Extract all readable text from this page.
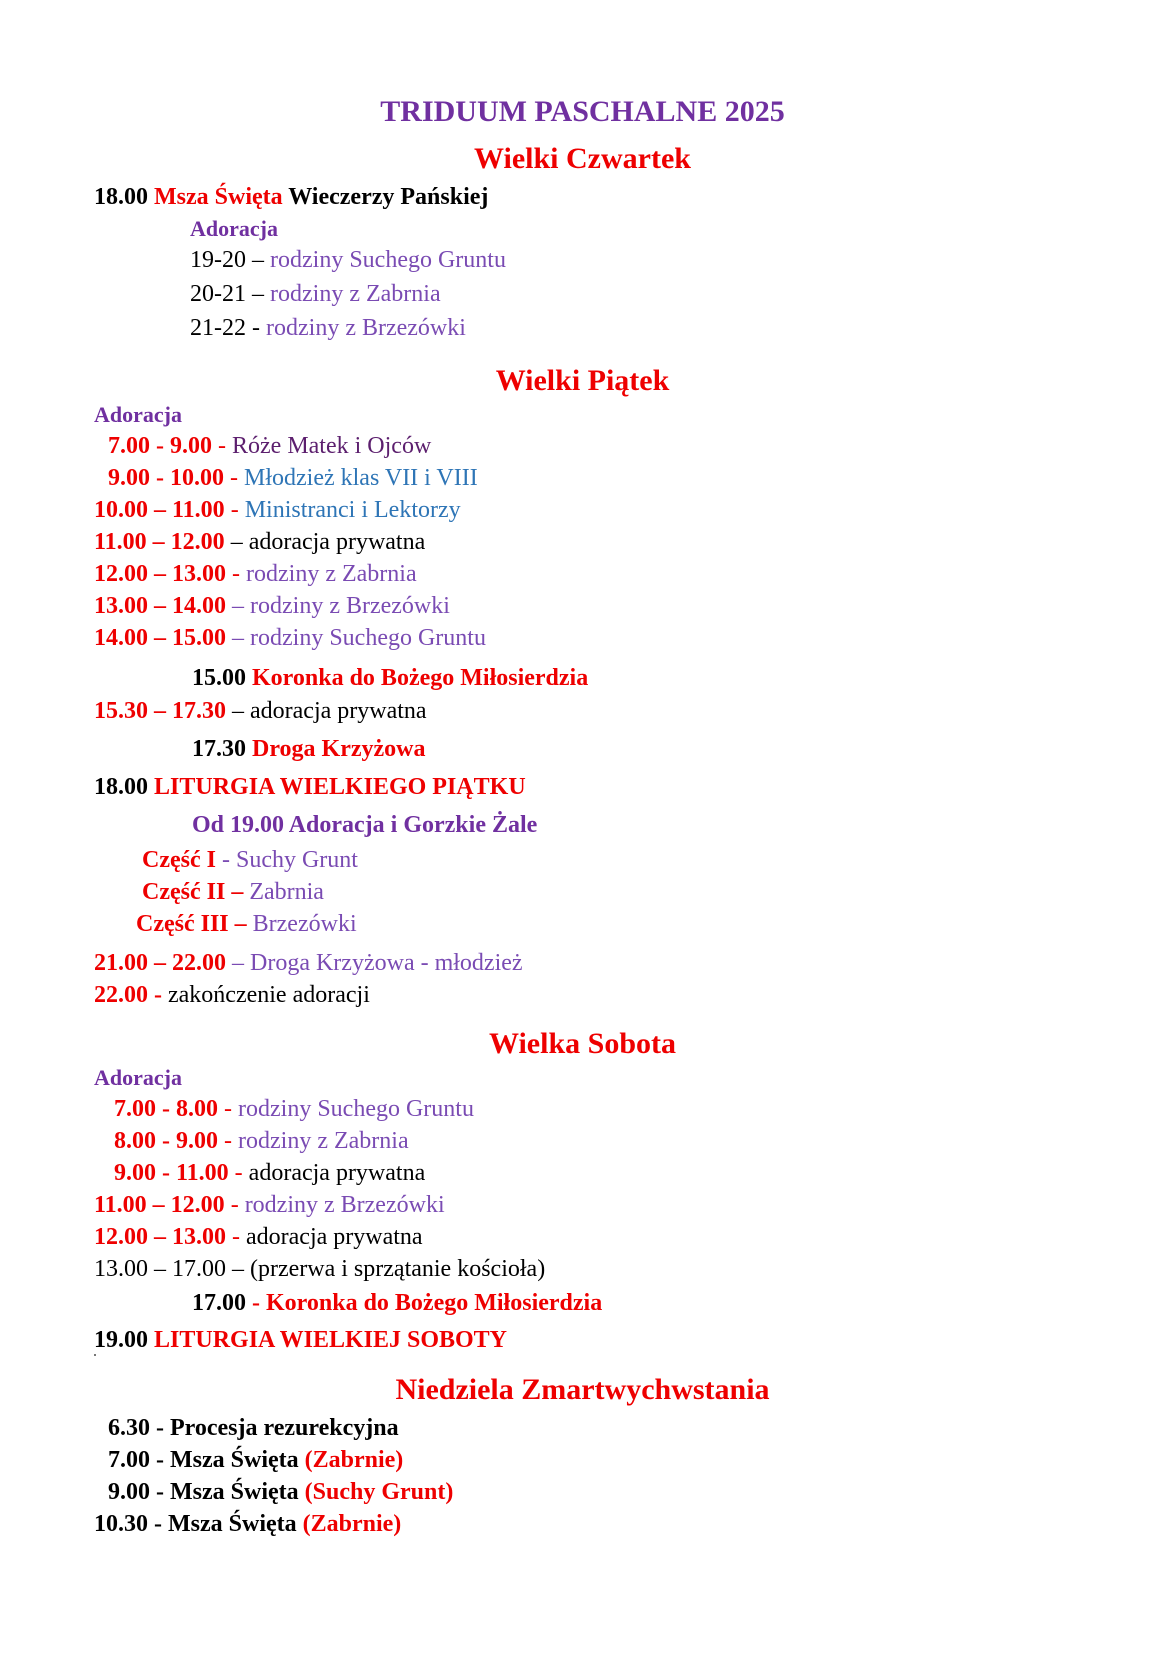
TRIDUUM PASCHALNE 2025
Wielki Czwartek
18.00 Msza Święta Wieczerzy Pańskiej
Adoracja
19-20 – rodziny Suchego Gruntu
20-21 – rodziny z Zabrnia
21-22 - rodziny z Brzezówki
Wielki Piątek
Adoracja
7.00 - 9.00 - Róże Matek i Ojców
9.00 - 10.00 - Młodzież klas VII i VIII
10.00 – 11.00 - Ministranci i Lektorzy
11.00 – 12.00 – adoracja prywatna
12.00 – 13.00 - rodziny z Zabrnia
13.00 – 14.00 – rodziny z Brzezówki
14.00 – 15.00 – rodziny Suchego Gruntu
15.00 Koronka do Bożego Miłosierdzia
15.30 – 17.30 – adoracja prywatna
17.30 Droga Krzyżowa
18.00 LITURGIA WIELKIEGO PIĄTKU
Od 19.00 Adoracja i Gorzkie Żale
Część I - Suchy Grunt
Część II – Zabrnia
Część III – Brzezówki
21.00 – 22.00 – Droga Krzyżowa - młodzież
22.00 - zakończenie adoracji
Wielka Sobota
Adoracja
7.00 - 8.00 - rodziny Suchego Gruntu
8.00 - 9.00 - rodziny z Zabrnia
9.00 - 11.00 - adoracja prywatna
11.00 – 12.00 - rodziny z Brzezówki
12.00 – 13.00 - adoracja prywatna
13.00 – 17.00 – (przerwa i sprzątanie kościoła)
17.00 - Koronka do Bożego Miłosierdzia
19.00 LITURGIA WIELKIEJ SOBOTY
Niedziela Zmartwychwstania
6.30 - Procesja rezurekcyjna
7.00 - Msza Święta (Zabrnie)
9.00 - Msza Święta (Suchy Grunt)
10.30 - Msza Święta (Zabrnie)
